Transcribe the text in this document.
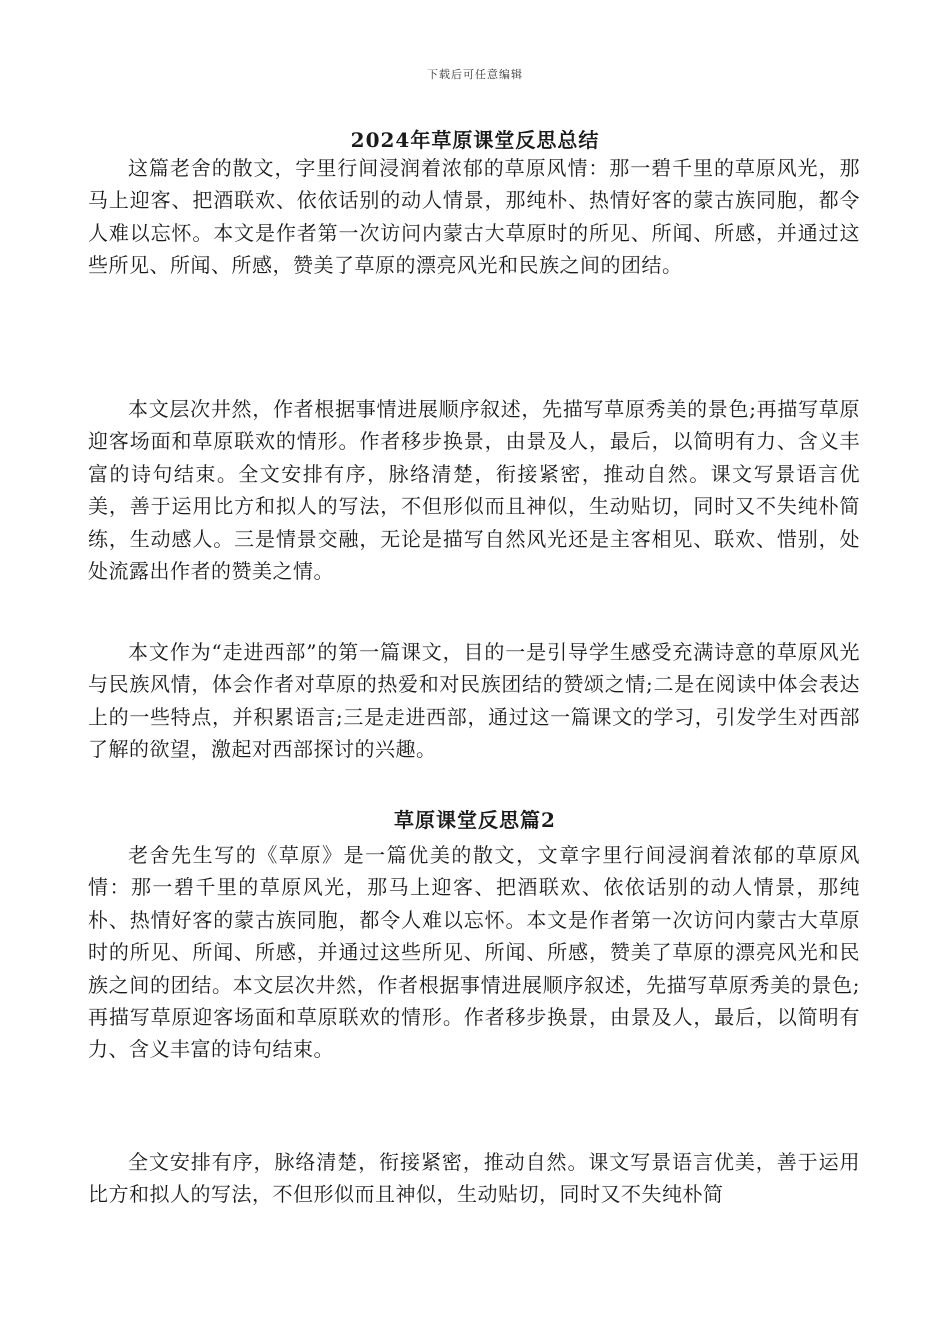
下载后可任意编辑
2024年草原课堂反思总结

这篇老舍的散文，字里行间浸润着浓郁的草原风情：那一碧千里的草原风光，那马上迎客、把酒联欢、依依话别的动人情景，那纯朴、热情好客的蒙古族同胞，都令人难以忘怀。本文是作者第一次访问内蒙古大草原时的所见、所闻、所感，并通过这些所见、所闻、所感，赞美了草原的漂亮风光和民族之间的团结。

本文层次井然，作者根据事情进展顺序叙述，先描写草原秀美的景色;再描写草原迎客场面和草原联欢的情形。作者移步换景，由景及人，最后，以简明有力、含义丰富的诗句结束。全文安排有序，脉络清楚，衔接紧密，推动自然。课文写景语言优美，善于运用比方和拟人的写法，不但形似而且神似，生动贴切，同时又不失纯朴简练，生动感人。三是情景交融，无论是描写自然风光还是主客相见、联欢、惜别，处处流露出作者的赞美之情。

本文作为“走进西部”的第一篇课文，目的一是引导学生感受充满诗意的草原风光与民族风情，体会作者对草原的热爱和对民族团结的赞颂之情;二是在阅读中体会表达上的一些特点，并积累语言;三是走进西部，通过这一篇课文的学习，引发学生对西部了解的欲望，激起对西部探讨的兴趣。

草原课堂反思篇2

老舍先生写的《草原》是一篇优美的散文，文章字里行间浸润着浓郁的草原风情：那一碧千里的草原风光，那马上迎客、把酒联欢、依依话别的动人情景，那纯朴、热情好客的蒙古族同胞，都令人难以忘怀。本文是作者第一次访问内蒙古大草原时的所见、所闻、所感，并通过这些所见、所闻、所感，赞美了草原的漂亮风光和民族之间的团结。本文层次井然，作者根据事情进展顺序叙述，先描写草原秀美的景色;再描写草原迎客场面和草原联欢的情形。作者移步换景，由景及人，最后，以简明有力、含义丰富的诗句结束。

全文安排有序，脉络清楚，衔接紧密，推动自然。课文写景语言优美，善于运用比方和拟人的写法，不但形似而且神似，生动贴切，同时又不失纯朴简
